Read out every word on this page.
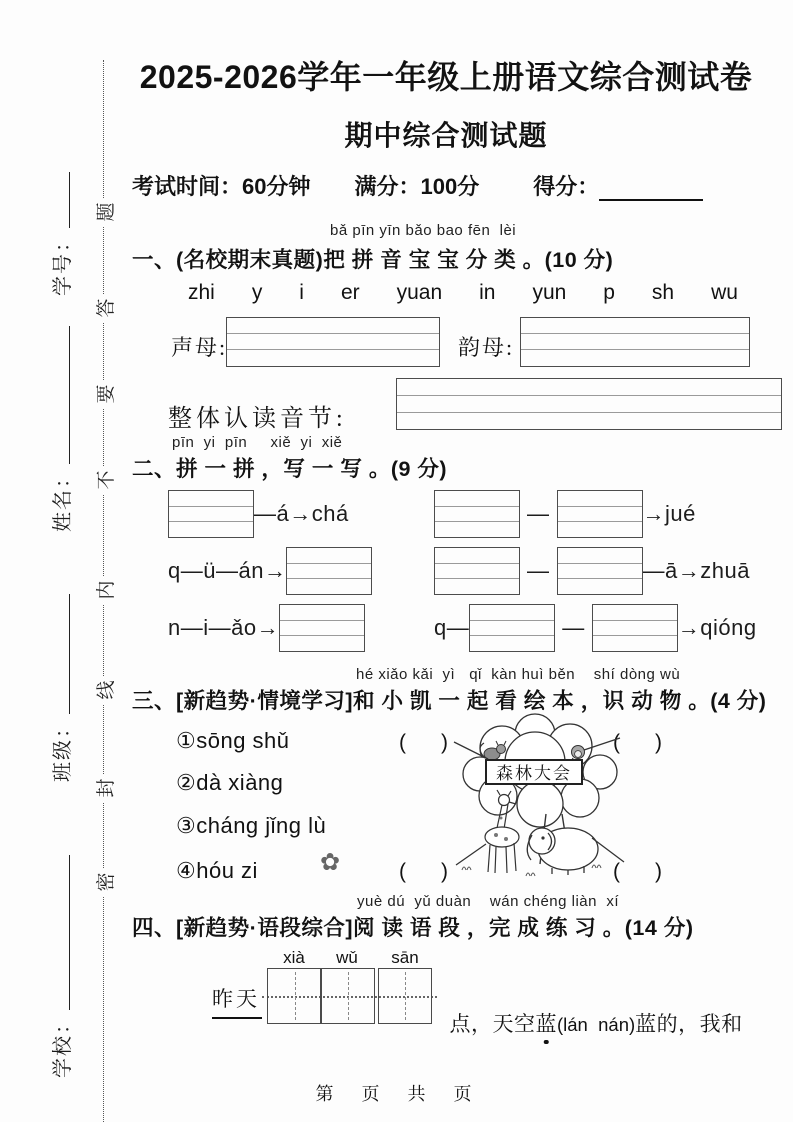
题
答
要
不
内
线
封
密
学号：
姓名：
班级：
学校：
2025-2026学年一年级上册语文综合测试卷
期中综合测试题
考试时间：60分钟 满分：100分 得分：
bǎ pīn yīn bǎo bao fēn  lèi
一、(名校期末真题)把 拼 音 宝 宝 分 类 。(10 分)
zhi y i er yuan in yun p sh wu
声母:	韵母:
整体认读音节:
pīn  yi  pīn     xiě  yi  xiě
二、拼 一 拼 ，写 一 写 。(9 分)
—á→chá	—	→jué
q—ü—án→	—	—ā→zhuā
n—i—ǎo→	q—	—	→qióng
hé xiǎo kǎi  yì   qǐ  kàn huì běn    shí dòng wù
三、[新趋势·情境学习]和 小 凯 一 起 看 绘 本 ，识 动 物 。(4 分)
①sōng shǔ
②dà xiàng
③cháng jǐng lù
④hóu zi	✿
(      )	(      )
(      )	(      )
森林大会
yuè dú  yǔ duàn    wán chéng liàn  xí
四、[新趋势·语段综合]阅 读 语 段 ，完 成 练 习 。(14 分)
xià	wǔ	sān
昨天

点，天空蓝(lán  nán)蓝的，我和

第  页  共  页
